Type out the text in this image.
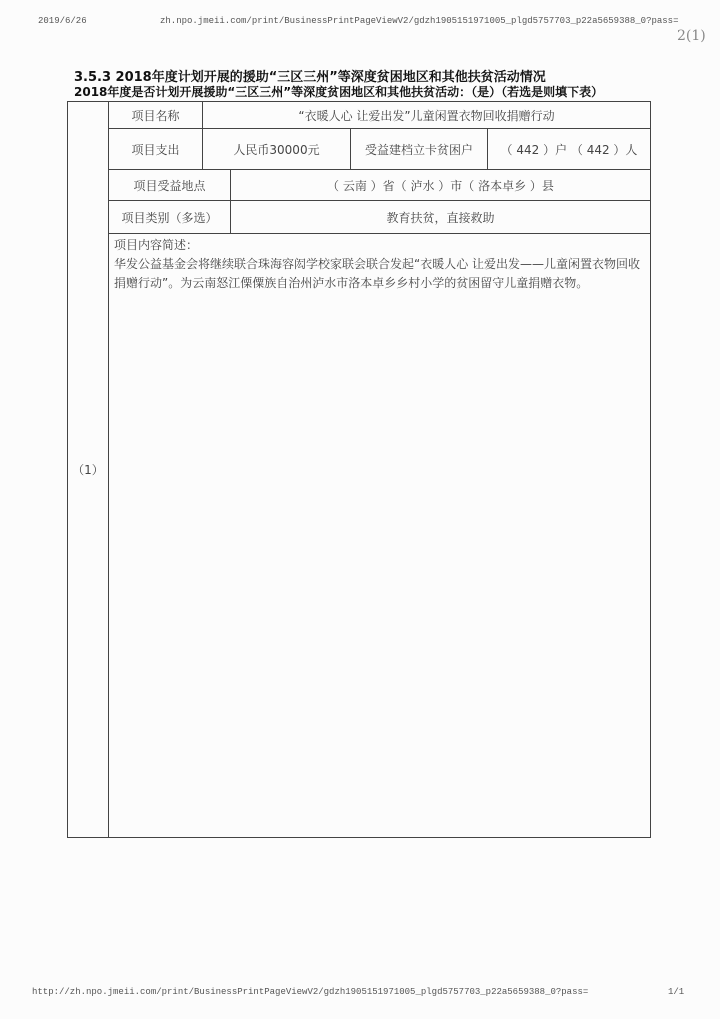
2019/6/26	zh.npo.jmeii.com/print/BusinessPrintPageViewV2/gdzh1905151971005_plgd5757703_p22a5659388_0?pass=
2(1)
3.5.3 2018年度计划开展的援助“三区三州”等深度贫困地区和其他扶贫活动情况
2018年度是否计划开展援助“三区三州”等深度贫困地区和其他扶贫活动：（是）（若选是则填下表）
（1）	项目名称	“衣暖人心 让爱出发”儿童闲置衣物回收捐赠行动			
	项目支出	人民币30000元		受益建档立卡贫困户	（ 442 ）户 （ 442 ）人
	项目受益地点		（ 云南 ）省（ 泸水 ）市（ 洛本卓乡 ）县		
	项目类别（多选）		教育扶贫，直接救助		

	项目内容简述：
华发公益基金会将继续联合珠海容闳学校家联会联合发起“衣暖人心 让爱出发——儿童闲置衣物回收捐赠行动”。为云南怒江傈僳族自治州泸水市洛本卓乡乡村小学的贫困留守儿童捐赠衣物。				
http://zh.npo.jmeii.com/print/BusinessPrintPageViewV2/gdzh1905151971005_plgd5757703_p22a5659388_0?pass=	1/1
